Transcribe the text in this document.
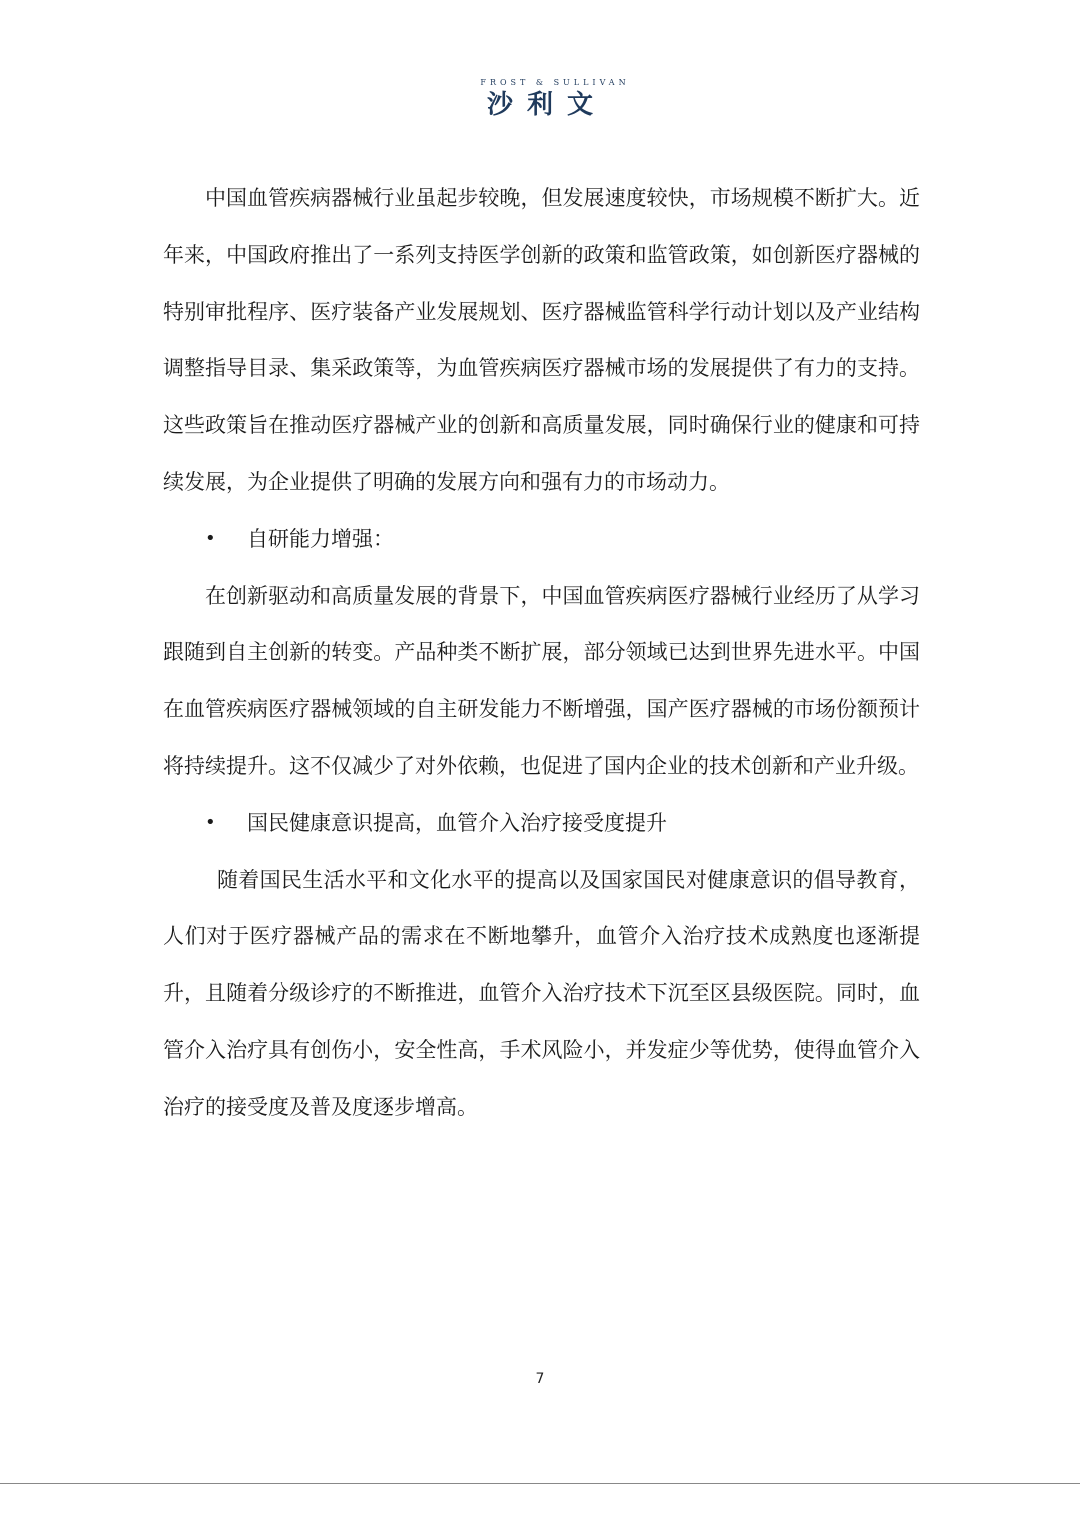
FROST & SULLIVAN
沙利文

中国血管疾病器械行业虽起步较晚，但发展速度较快，市场规模不断扩大。近年来，中国政府推出了一系列支持医学创新的政策和监管政策，如创新医疗器械的特别审批程序、医疗装备产业发展规划、医疗器械监管科学行动计划以及产业结构调整指导目录、集采政策等，为血管疾病医疗器械市场的发展提供了有力的支持。这些政策旨在推动医疗器械产业的创新和高质量发展，同时确保行业的健康和可持续发展，为企业提供了明确的发展方向和强有力的市场动力。

• 自研能力增强：

在创新驱动和高质量发展的背景下，中国血管疾病医疗器械行业经历了从学习跟随到自主创新的转变。产品种类不断扩展，部分领域已达到世界先进水平。中国在血管疾病医疗器械领域的自主研发能力不断增强，国产医疗器械的市场份额预计将持续提升。这不仅减少了对外依赖，也促进了国内企业的技术创新和产业升级。

• 国民健康意识提高，血管介入治疗接受度提升

随着国民生活水平和文化水平的提高以及国家国民对健康意识的倡导教育，人们对于医疗器械产品的需求在不断地攀升，血管介入治疗技术成熟度也逐渐提升，且随着分级诊疗的不断推进，血管介入治疗技术下沉至区县级医院。同时，血管介入治疗具有创伤小，安全性高，手术风险小，并发症少等优势，使得血管介入治疗的接受度及普及度逐步增高。

7
